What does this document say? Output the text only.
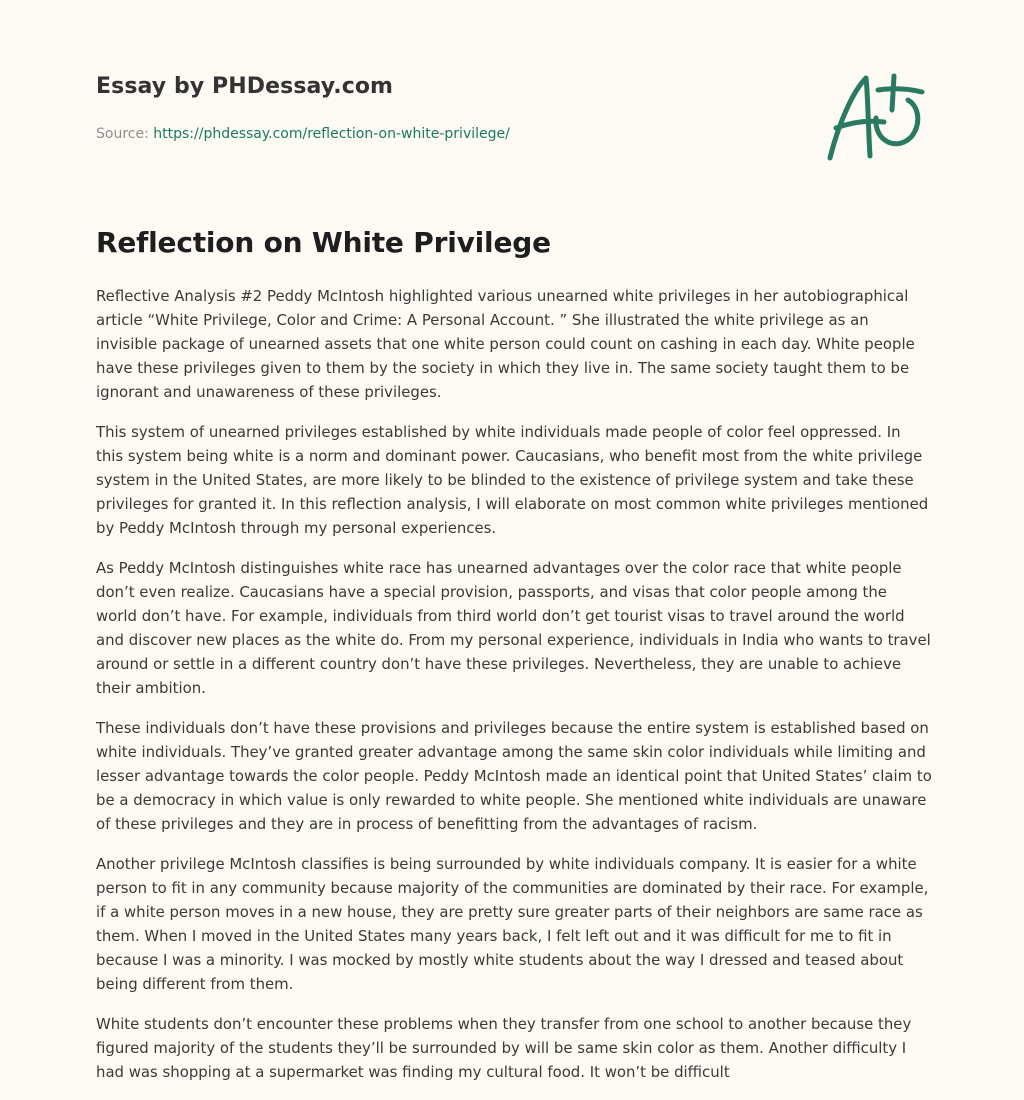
Essay by PHDessay.com
Source: https://phdessay.com/reflection-on-white-privilege/
Reflection on White Privilege

Reflective Analysis #2 Peddy McIntosh highlighted various unearned white privileges in her autobiographical article “White Privilege, Color and Crime: A Personal Account. ” She illustrated the white privilege as an invisible package of unearned assets that one white person could count on cashing in each day. White people have these privileges given to them by the society in which they live in. The same society taught them to be ignorant and unawareness of these privileges.

This system of unearned privileges established by white individuals made people of color feel oppressed. In this system being white is a norm and dominant power. Caucasians, who benefit most from the white privilege system in the United States, are more likely to be blinded to the existence of privilege system and take these privileges for granted it. In this reflection analysis, I will elaborate on most common white privileges mentioned by Peddy McIntosh through my personal experiences.

As Peddy McIntosh distinguishes white race has unearned advantages over the color race that white people don’t even realize. Caucasians have a special provision, passports, and visas that color people among the world don’t have. For example, individuals from third world don’t get tourist visas to travel around the world and discover new places as the white do. From my personal experience, individuals in India who wants to travel around or settle in a different country don’t have these privileges. Nevertheless, they are unable to achieve their ambition.

These individuals don’t have these provisions and privileges because the entire system is established based on white individuals. They’ve granted greater advantage among the same skin color individuals while limiting and lesser advantage towards the color people. Peddy McIntosh made an identical point that United States’ claim to be a democracy in which value is only rewarded to white people. She mentioned white individuals are unaware of these privileges and they are in process of benefitting from the advantages of racism.

Another privilege McIntosh classifies is being surrounded by white individuals company. It is easier for a white person to fit in any community because majority of the communities are dominated by their race. For example, if a white person moves in a new house, they are pretty sure greater parts of their neighbors are same race as them. When I moved in the United States many years back, I felt left out and it was difficult for me to fit in because I was a minority. I was mocked by mostly white students about the way I dressed and teased about being different from them.

White students don’t encounter these problems when they transfer from one school to another because they figured majority of the students they’ll be surrounded by will be same skin color as them. Another difficulty I had was shopping at a supermarket was finding my cultural food. It won’t be difficult
